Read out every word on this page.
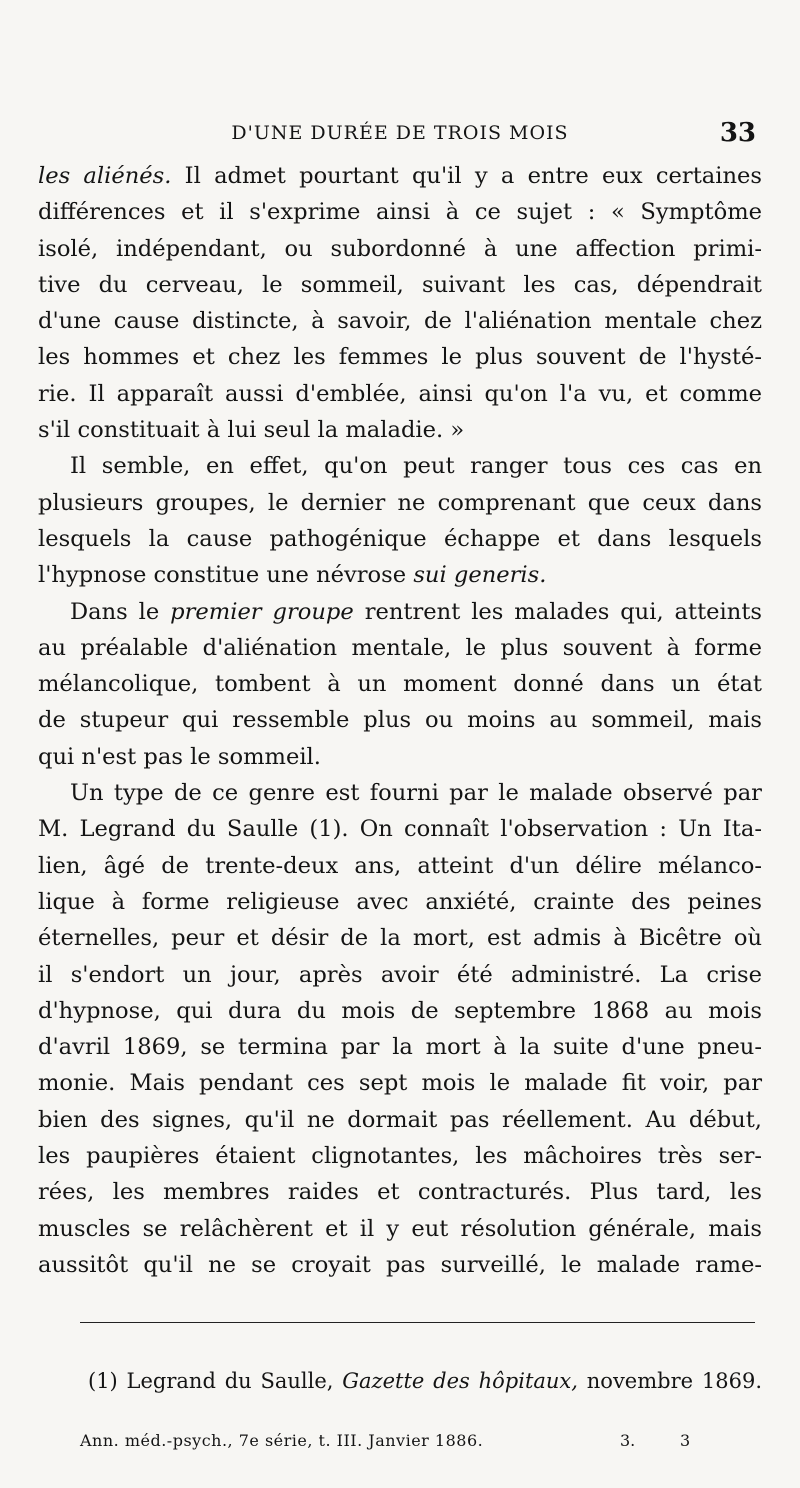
D'UNE DURÉE DE TROIS MOIS	33
les aliénés. Il admet pourtant qu'il y a entre eux certaines
différences et il s'exprime ainsi à ce sujet : « Symptôme
isolé, indépendant, ou subordonné à une affection primi-
tive du cerveau, le sommeil, suivant les cas, dépendrait
d'une cause distincte, à savoir, de l'aliénation mentale chez
les hommes et chez les femmes le plus souvent de l'hysté-
rie. Il apparaît aussi d'emblée, ainsi qu'on l'a vu, et comme
s'il constituait à lui seul la maladie. »
Il semble, en effet, qu'on peut ranger tous ces cas en
plusieurs groupes, le dernier ne comprenant que ceux dans
lesquels la cause pathogénique échappe et dans lesquels
l'hypnose constitue une névrose sui generis.
Dans le premier groupe rentrent les malades qui, atteints
au préalable d'aliénation mentale, le plus souvent à forme
mélancolique, tombent à un moment donné dans un état
de stupeur qui ressemble plus ou moins au sommeil, mais
qui n'est pas le sommeil.
Un type de ce genre est fourni par le malade observé par
M. Legrand du Saulle (1). On connaît l'observation : Un Ita-
lien, âgé de trente-deux ans, atteint d'un délire mélanco-
lique à forme religieuse avec anxiété, crainte des peines
éternelles, peur et désir de la mort, est admis à Bicêtre où
il s'endort un jour, après avoir été administré. La crise
d'hypnose, qui dura du mois de septembre 1868 au mois
d'avril 1869, se termina par la mort à la suite d'une pneu-
monie. Mais pendant ces sept mois le malade fit voir, par
bien des signes, qu'il ne dormait pas réellement. Au début,
les paupières étaient clignotantes, les mâchoires très ser-
rées, les membres raides et contracturés. Plus tard, les
muscles se relâchèrent et il y eut résolution générale, mais
aussitôt qu'il ne se croyait pas surveillé, le malade rame-
(1) Legrand du Saulle, Gazette des hôpitaux, novembre 1869.
Ann. méd.-psych., 7e série, t. III. Janvier 1886.	3.	3
